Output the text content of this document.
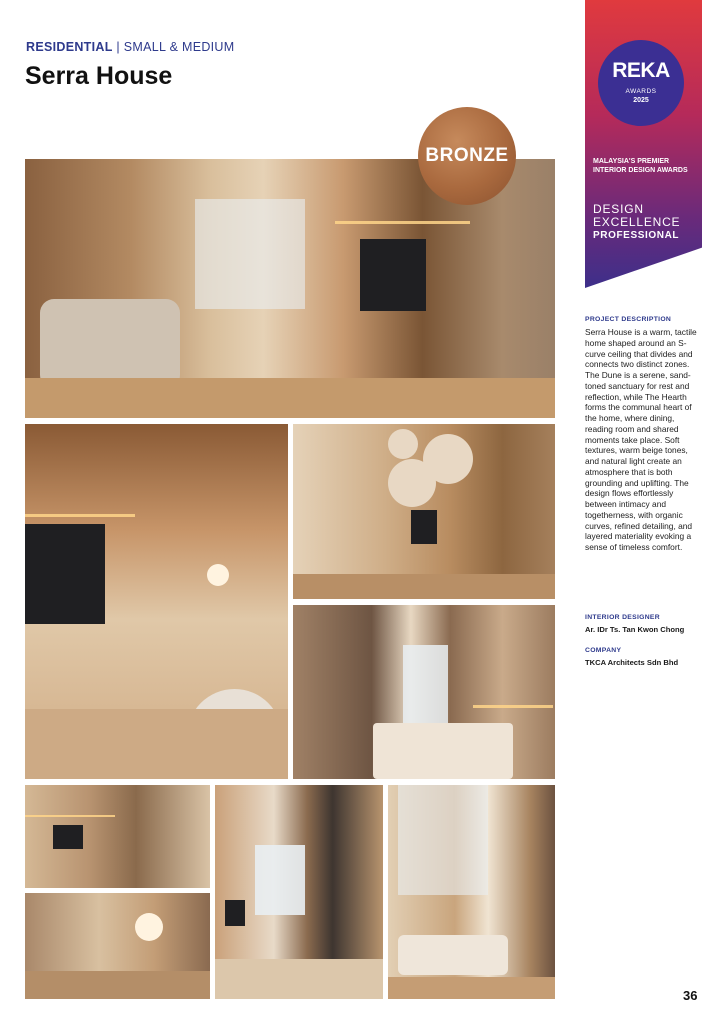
RESIDENTIAL | SMALL & MEDIUM
Serra House	REKA
AWARDS
2025
MALAYSIA'S PREMIER INTERIOR DESIGN AWARDS
DESIGN
EXCELLENCE
PROFESSIONAL
BRONZE
PROJECT DESCRIPTION
Serra House is a warm, tactile home shaped around an S-curve ceiling that divides and connects two distinct zones. The Dune is a serene, sand-toned sanctuary for rest and reflection, while The Hearth forms the communal heart of the home, where dining, reading room and shared moments take place. Soft textures, warm beige tones, and natural light create an atmosphere that is both grounding and uplifting. The design flows effortlessly between intimacy and togetherness, with organic curves, refined detailing, and layered materiality evoking a sense of timeless comfort.
INTERIOR DESIGNER
Ar. IDr Ts. Tan Kwon Chong
COMPANY
TKCA Architects Sdn Bhd
36
